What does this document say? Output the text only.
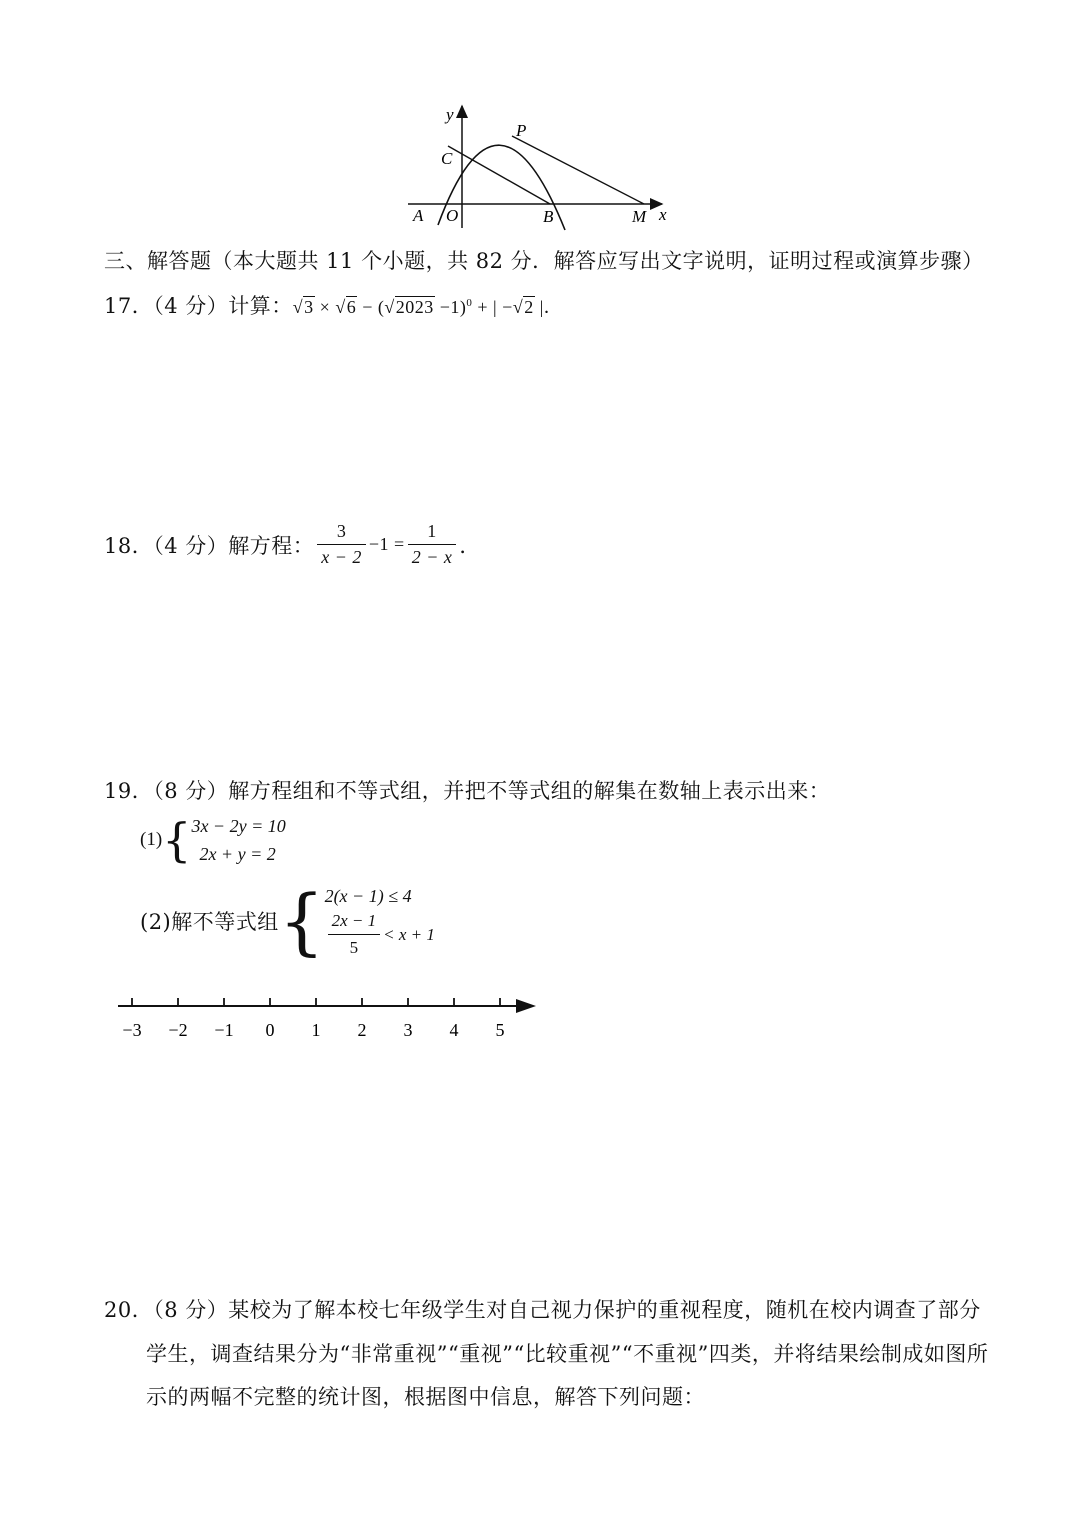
y
x
P
C
A O	B	M
三、解答题（本大题共 11 个小题，共 82 分．解答应写出文字说明，证明过程或演算步骤）
17．（4 分）计算：$√3 \times √6 - (√2023 -1)^0$ + | −√2 |．
18．（4 分）解方程： $\frac{3}{x - 2} -1 = \frac{1}{2 - x}$ ．
19．（8 分）解方程组和不等式组，并把不等式组的解集在数轴上表示出来：
(1) { 3x − 2y = 10
2x + y = 2
(2)解不等式组 { 2(x − 1) ≤ 4
$\frac{2x - 1}{5} < x + 1$
−3 −2 −1 0 1 2 3 4 5
20．（8 分）某校为了解本校七年级学生对自己视力保护的重视程度，随机在校内调查了部分
学生，调查结果分为“非常重视”“重视”“比较重视”“不重视”四类，并将结果绘制成如图所
示的两幅不完整的统计图，根据图中信息，解答下列问题：
